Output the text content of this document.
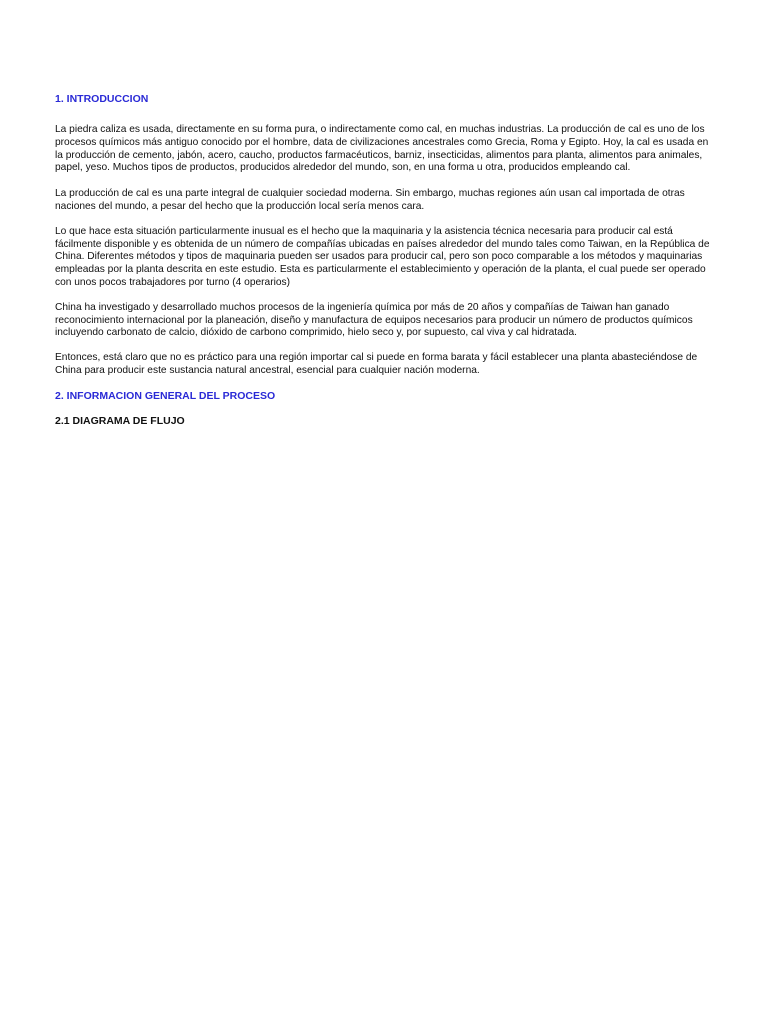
1. INTRODUCCION

La piedra caliza es usada, directamente en su forma pura, o indirectamente como cal, en muchas industrias. La producción de cal es uno de los procesos químicos más antiguo conocido por el hombre, data de civilizaciones ancestrales como Grecia, Roma y Egipto. Hoy, la cal es usada en la producción de cemento, jabón, acero, caucho, productos farmacéuticos, barniz, insecticidas, alimentos para planta, alimentos para animales, papel, yeso. Muchos tipos de productos, producidos alrededor del mundo, son, en una forma u otra, producidos empleando cal.

La producción de cal es una parte integral de cualquier sociedad moderna. Sin embargo, muchas regiones aún usan cal importada de otras naciones del mundo, a pesar del hecho que la producción local sería menos cara.

Lo que hace esta situación particularmente inusual es el hecho que la maquinaria y la asistencia técnica necesaria para producir cal está fácilmente disponible y es obtenida de un número de compañías ubicadas en países alrededor del mundo tales como Taiwan, en la República de China. Diferentes métodos y tipos de maquinaria pueden ser usados para producir cal, pero son poco comparable a los métodos y maquinarias empleadas por la planta descrita en este estudio. Esta es particularmente el establecimiento y operación de la planta, el cual puede ser operado con unos pocos trabajadores por turno (4 operarios)

China ha investigado y desarrollado muchos procesos de la ingeniería química por más de 20 años y compañías de Taiwan han ganado reconocimiento internacional por la planeación, diseño y manufactura de equipos necesarios para producir un número de productos químicos incluyendo carbonato de calcio, dióxido de carbono comprimido, hielo seco y, por supuesto, cal viva y cal hidratada.

Entonces, está claro que no es práctico para una región importar cal si puede en forma barata y fácil establecer una planta abasteciéndose de China para producir este sustancia natural ancestral, esencial para cualquier nación moderna.

2. INFORMACION GENERAL DEL PROCESO
2.1 DIAGRAMA DE FLUJO
